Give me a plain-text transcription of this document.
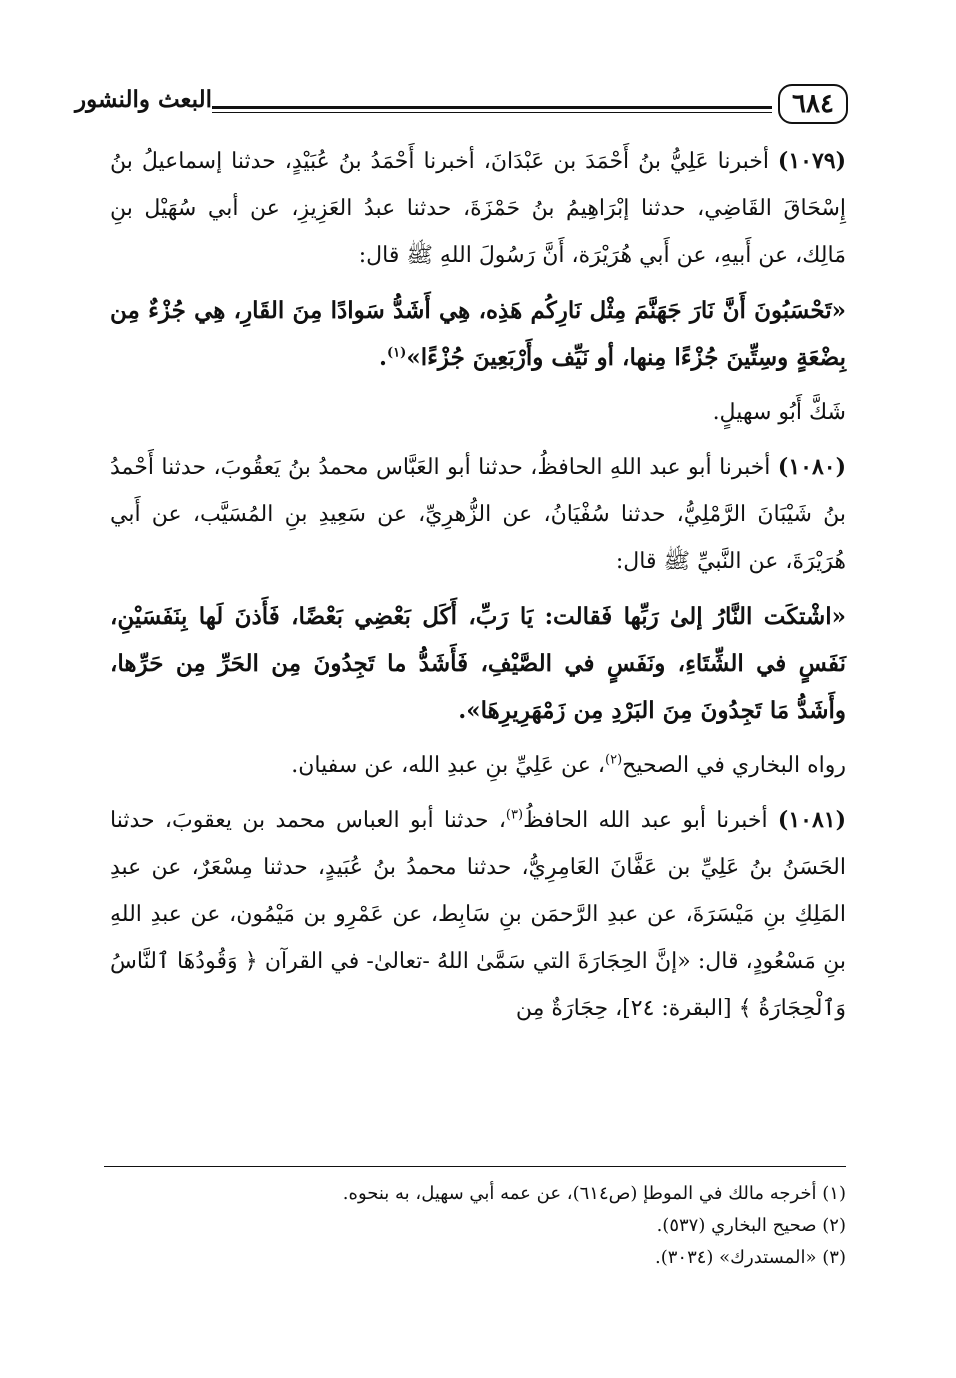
٦٨٤
البعث والنشور

(١٠٧٩) أخبرنا عَلِيُّ بنُ أَحْمَدَ بن عَبْدَانَ، أخبرنا أَحْمَدُ بنُ عُبَيْدٍ، حدثنا إسماعيلُ بنُ إِسْحَاقَ القَاضِي، حدثنا إبْرَاهِيمُ بنُ حَمْزَةَ، حدثنا عبدُ العَزِيزِ، عن أبي سُهَيْل بنِ مَالِك، عن أَبيهِ، عن أَبي هُرَيْرَة، أَنَّ رَسُولَ اللهِ ﷺ قال:

«تَحْسَبُونَ أَنَّ نَارَ جَهَنَّمَ مِثْل نَارِكُم هَذِه، هِي أَشَدُّ سَوادًا مِنَ القَارِ، هِي جُزْءٌ مِن بِضْعَةٍ وسِتِّينَ جُزْءًا مِنها، أو نَيِّف وأَرْبَعِينَ جُزْءًا»$^{(١)}$.

شَكَّ أَبُو سهيلٍ.

(١٠٨٠) أخبرنا أبو عبد اللهِ الحافظُ، حدثنا أبو العَبَّاس محمدُ بنُ يَعقُوبَ، حدثنا أَحْمدُ بنُ شَيْبَانَ الرَّمْلِيُّ، حدثنا سُفْيَانُ، عن الزُّهرِيِّ، عن سَعِيدِ بنِ المُسَيَّب، عن أَبي هُرَيْرَةَ، عن النَّبيِّ ﷺ قال:

«اشْتكَت النَّارُ إلىٰ رَبِّها فَقالت: يَا رَبِّ، أَكَل بَعْضِي بَعْضًا، فَأَذنَ لَها بِنَفَسَيْنِ، نَفَسٍ في الشِّتَاءِ، ونَفَسٍ في الصَّيْفِ، فَأَشَدُّ ما تَجِدُونَ مِن الحَرِّ مِن حَرِّها، وأَشَدُّ مَا تَجِدُونَ مِنَ البَرْدِ مِن زَمْهَرِيرِهَا».

رواه البخاري في الصحيح$^{(٢)}$، عن عَلِيِّ بنِ عبدِ الله، عن سفيان.

(١٠٨١) أخبرنا أبو عبد الله الحافظُ$^{(٣)}$، حدثنا أبو العباس محمد بن يعقوبَ، حدثنا الحَسَنُ بنُ عَلِيِّ بن عَفَّانَ العَامِرِيُّ، حدثنا محمدُ بنُ عُبَيدٍ، حدثنا مِسْعَرٌ، عن عبدِ المَلِكِ بنِ مَيْسَرَةَ، عن عبدِ الرَّحمَن بنِ سَابِط، عن عَمْرِو بن مَيْمُون، عن عبدِ اللهِ بنِ مَسْعُودٍ، قال: «إنَّ الحِجَارَةَ التي سَمَّىٰ اللهُ -تعالىٰ- في القرآن ﴿ وَقُودُهَا ٱلنَّاسُ وَٱلْحِجَارَةُ ﴾ [البقرة: ٢٤]، حِجَارَةٌ مِن

(١) أخرجه مالك في الموطإ (ص٦١٤)، عن عمه أبي سهيل، به بنحوه.

(٢) صحيح البخاري (٥٣٧).

(٣) «المستدرك» (٣٠٣٤).
